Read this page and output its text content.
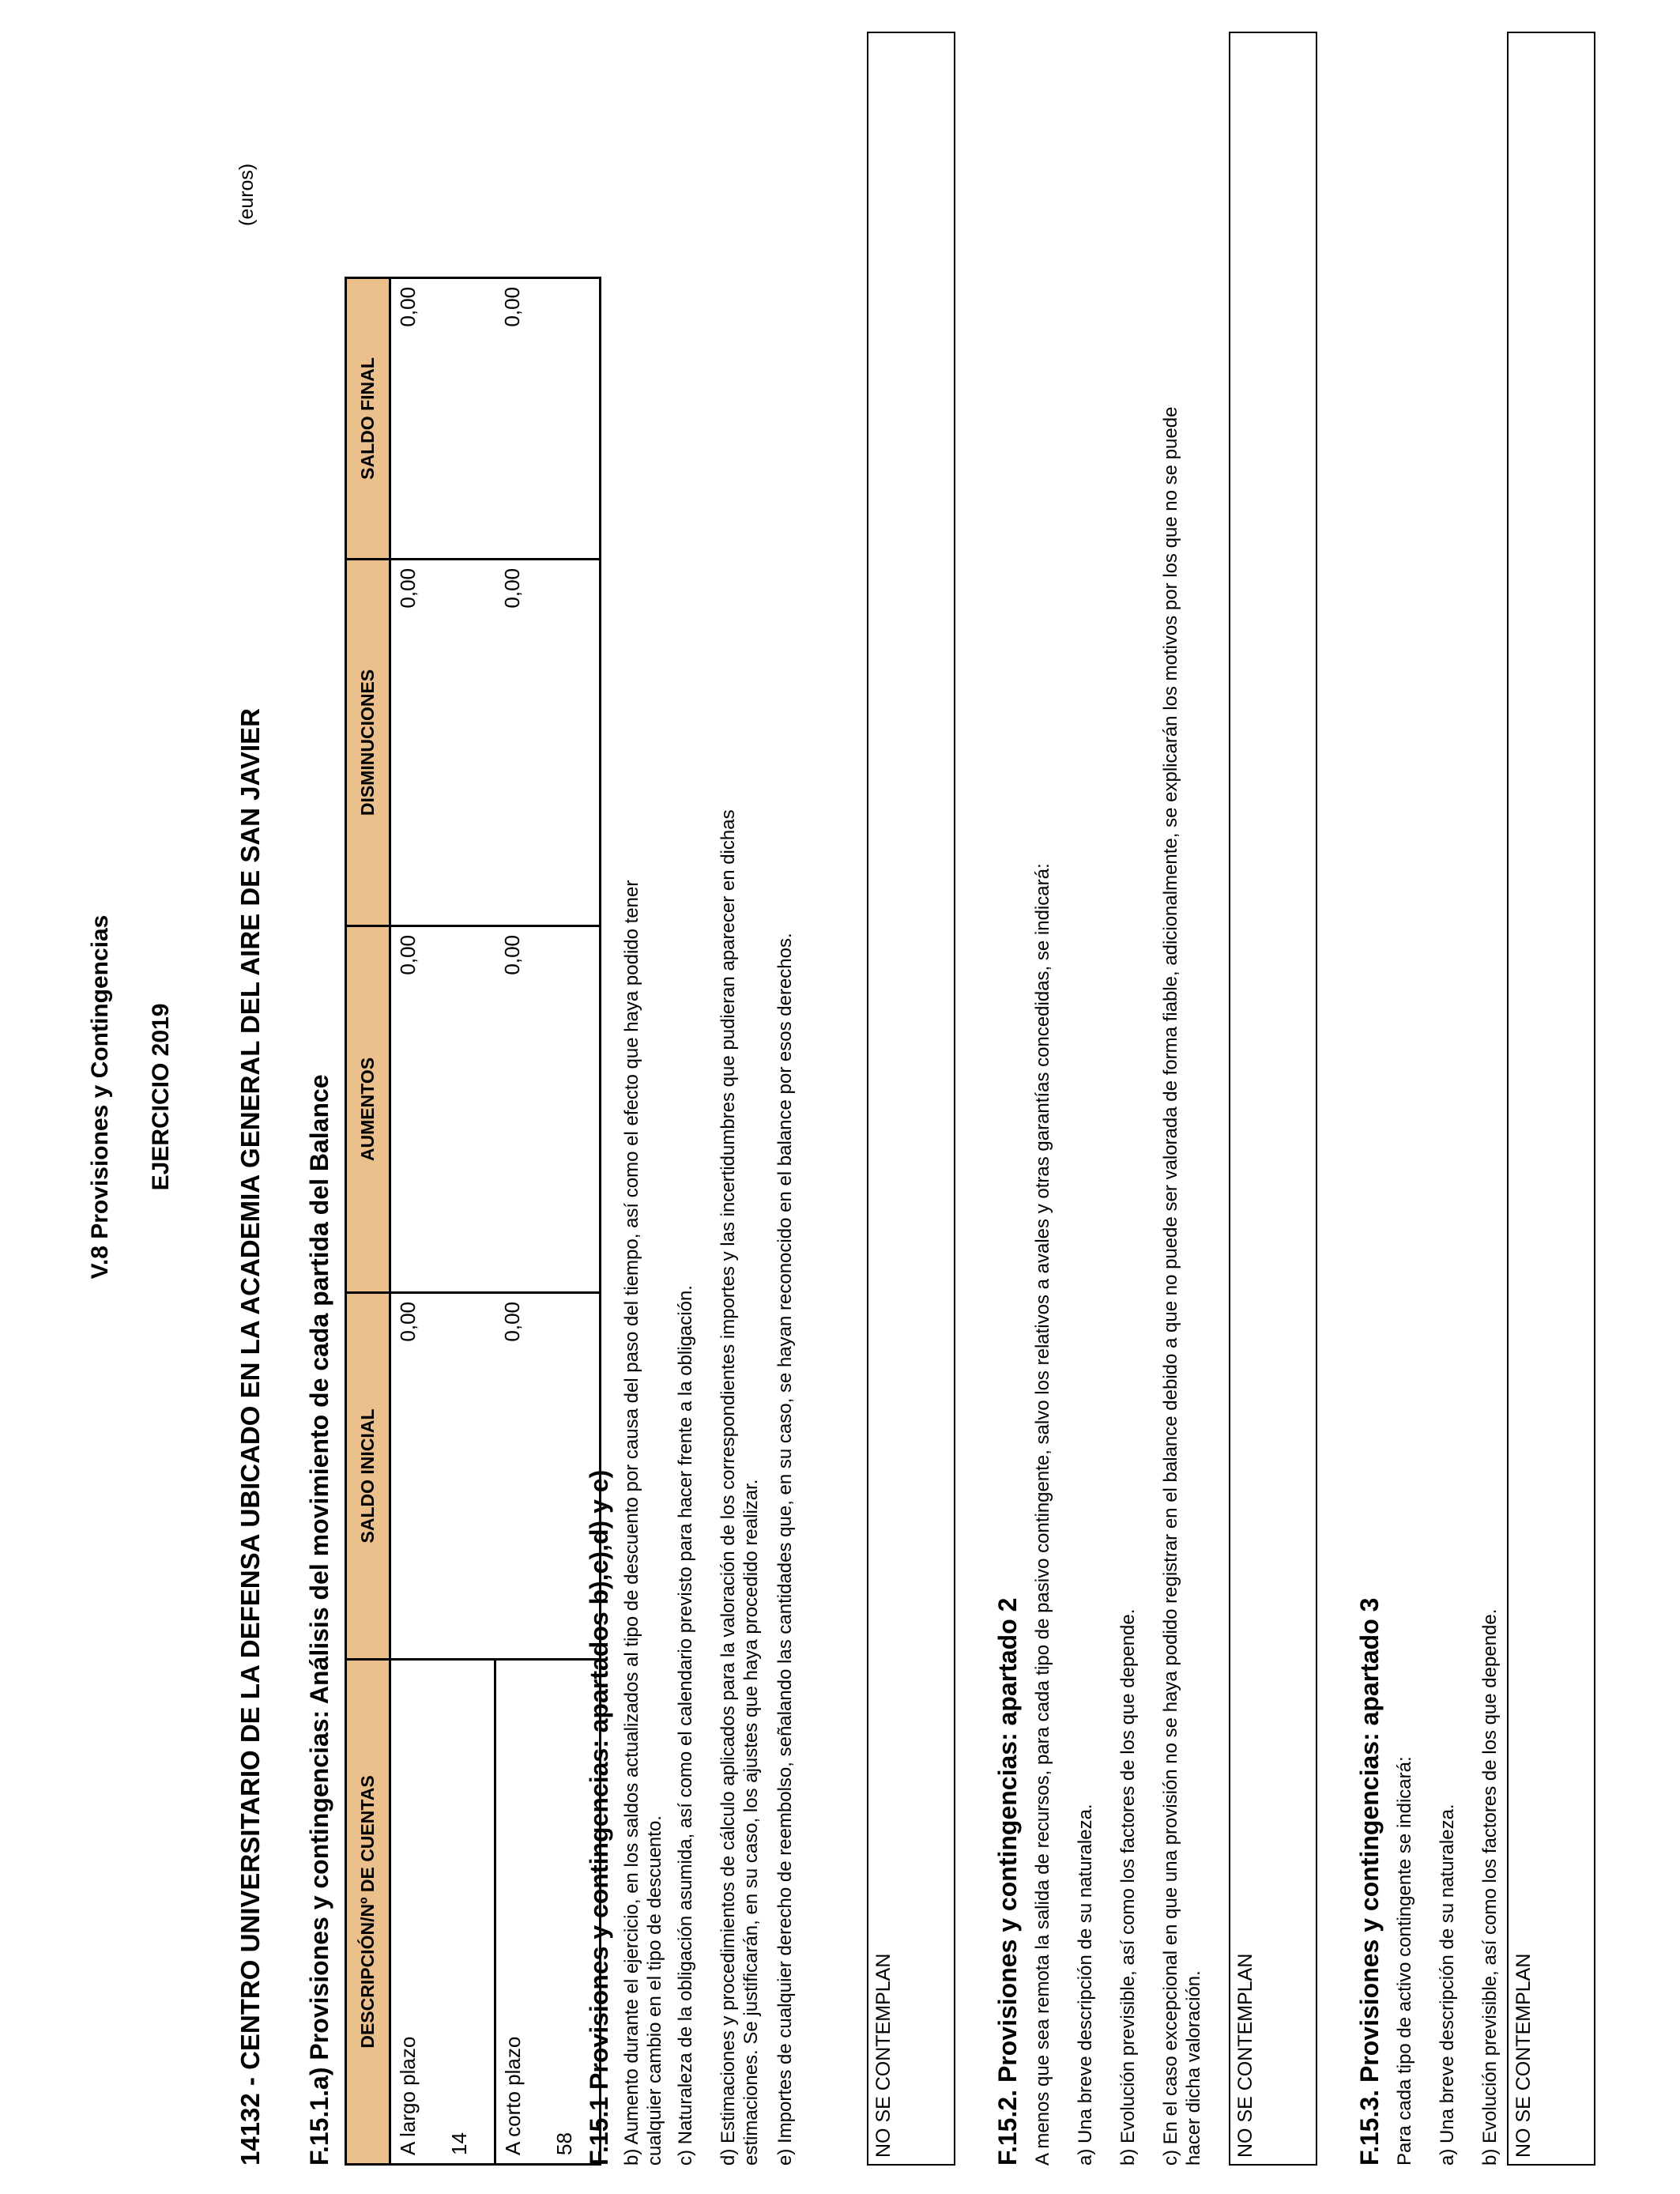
V.8 Provisiones y Contingencias EJERCICIO 2019 14132 - CENTRO UNIVERSITARIO DE LA DEFENSA UBICADO EN LA ACADEMIA GENERAL DEL AIRE DE SAN JAVIER
(euros)
F.15.1.a) Provisiones y contingencias: Análisis del movimiento de cada partida del Balance DESCRIPCIÓN/Nº DE CUENTAS	SALDO INICIAL	AUMENTOS	DISMINUCIONES	SALDO FINAL
A largo plazo	0,00	0,00	0,00	0,00
14				
A corto plazo	0,00	0,00	0,00	0,00
58				F.15.1 Provisiones y contingencias: apartados b),c),d) y e) b) Aumento durante el ejercicio, en los saldos actualizados al tipo de descuento por causa del paso del tiempo, así como el efecto que haya podido tener cualquier cambio en el tipo de descuento. c) Naturaleza de la obligación asumida, así como el calendario previsto para hacer frente a la obligación. d) Estimaciones y procedimientos de cálculo aplicados para la valoración de los correspondientes importes y las incertidumbres que pudieran aparecer en dichas estimaciones. Se justificarán, en su caso, los ajustes que haya procedido realizar. e) Importes de cualquier derecho de reembolso, señalando las cantidades que, en su caso, se hayan reconocido en el balance por esos derechos.	NO SE CONTEMPLAN	F.15.2. Provisiones y contingencias: apartado 2 A menos que sea remota la salida de recursos, para cada tipo de pasivo contingente, salvo los relativos a avales y otras garantías concedidas, se indicará: a) Una breve descripción de su naturaleza. b) Evolución previsible, así como los factores de los que depende. c) En el caso excepcional en que una provisión no se haya podido registrar en el balance debido a que no puede ser valorada de forma fiable, adicionalmente, se explicarán los motivos por los que no se puede hacer dicha valoración. NO SE CONTEMPLAN	F.15.3. Provisiones y contingencias: apartado 3 Para cada tipo de activo contingente se indicará: a) Una breve descripción de su naturaleza. b) Evolución previsible, así como los factores de los que depende. NO SE CONTEMPLAN
